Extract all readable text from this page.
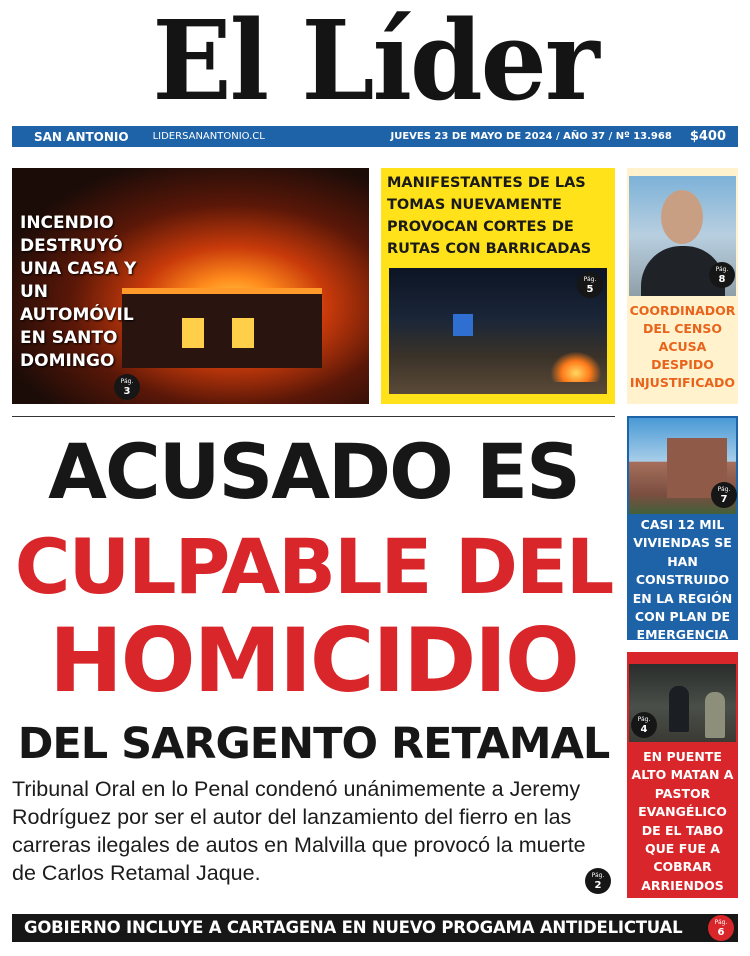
El Líder
SAN ANTONIO LIDERSANANTONIO.CL	JUEVES 23 DE MAYO DE 2024 / AÑO 37 / Nº 13.968 $400
INCENDIO DESTRUYÓ UNA CASA Y UN AUTOMÓVIL EN SANTO DOMINGO
Pág.
3
MANIFESTANTES DE LAS TOMAS NUEVAMENTE PROVOCAN CORTES DE RUTAS CON BARRICADAS
Pág.
5
Pág.
8
COORDINADOR DEL CENSO ACUSA DESPIDO INJUSTIFICADO
ACUSADO ES
CULPABLE DEL
HOMICIDIO
DEL SARGENTO RETAMAL
Tribunal Oral en lo Penal condenó unánimemente a Jeremy Rodríguez por ser el autor del lanzamiento del fierro en las carreras ilegales de autos en Malvilla que provocó la muerte de Carlos Retamal Jaque.	Pág.
2
Pág.
7
CASI 12 MIL VIVIENDAS SE HAN CONSTRUIDO EN LA REGIÓN CON PLAN DE EMERGENCIA
Pág.
4
EN PUENTE ALTO MATAN A PASTOR EVANGÉLICO DE EL TABO QUE FUE A COBRAR ARRIENDOS
GOBIERNO INCLUYE A CARTAGENA EN NUEVO PROGAMA ANTIDELICTUAL	Pág.
6
